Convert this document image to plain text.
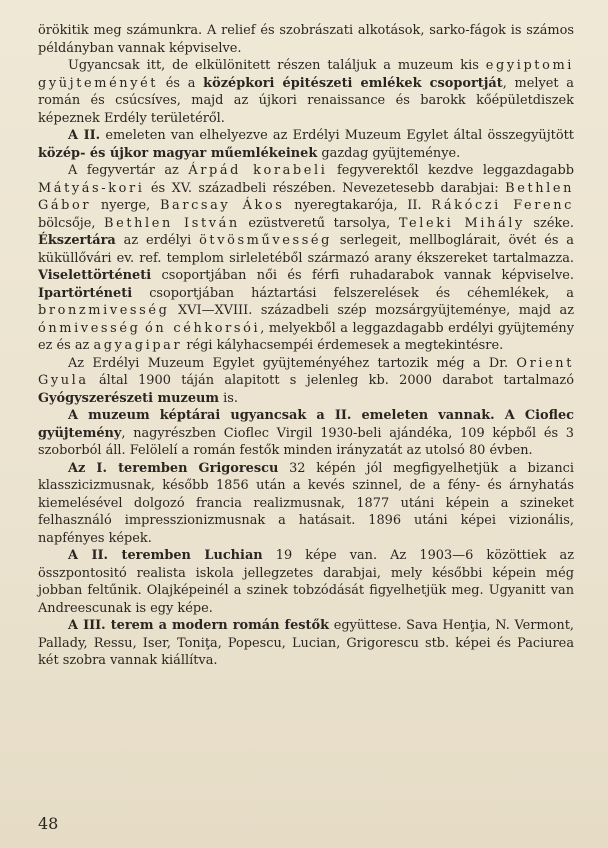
örökitik meg számunkra. A relief és szobrászati alkotások, sarko-fágok is számos példányban vannak képviselve.

Ugyancsak itt, de elkülönitett részen találjuk a muzeum kis egyiptomi gyüjteményét és a középkori épitészeti emlékek csoportját, melyet a román és csúcsíves, majd az újkori renaissance és barokk kőépületdiszek képeznek Erdély területéről.

A II. emeleten van elhelyezve az Erdélyi Muzeum Egylet által összegyüjtött közép- és újkor magyar műemlékeinek gazdag gyüjteménye.

A fegyvertár az Árpád korabeli fegyverektől kezdve leggazdagabb Mátyás-kori és XV. századbeli részében. Nevezetesebb darabjai: Bethlen Gábor nyerge, Barcsay Ákos nyeregtakarója, II. Rákóczi Ferenc bölcsője, Bethlen István ezüstveretű tarsolya, Teleki Mihály széke. Ékszertára az erdélyi ötvösművesség serlegeit, mellboglárait, övét és a küküllővári ev. ref. templom sirleletéből származó arany ékszereket tartalmazza. Viselettörténeti csoportjában női és férfi ruhadarabok vannak képviselve. Ipartörténeti csoportjában háztartási felszerelések és céhemlékek, a bronzmivesség XVI—XVIII. századbeli szép mozsárgyüjteménye, majd az ónmivesség ón céhkorsói, melyekből a leggazdagabb erdélyi gyüjtemény ez és az agyagipar régi kályhacsempéi érdemesek a megtekintésre.

Az Erdélyi Muzeum Egylet gyüjteményéhez tartozik még a Dr. Orient Gyula által 1900 táján alapitott s jelenleg kb. 2000 darabot tartalmazó Gyógyszerészeti muzeum is.

A muzeum képtárai ugyancsak a II. emeleten vannak. A Cioflec gyüjtemény, nagyrészben Cioflec Virgil 1930-beli ajándéka, 109 képből és 3 szoborból áll. Felölelí a román festők minden irányzatát az utolsó 80 évben.

Az I. teremben Grigorescu 32 képén jól megfigyelhetjük a bizanci klasszicizmusnak, később 1856 után a kevés szinnel, de a fény- és árnyhatás kiemelésével dolgozó francia realizmusnak, 1877 utáni képein a szineket felhasználó impresszionizmusnak a hatásait. 1896 utáni képei vizionális, napfényes képek.

A II. teremben Luchian 19 képe van. Az 1903—6 közöttiek az összpontositó realista iskola jellegzetes darabjai, mely későbbi képein még jobban feltűnik. Olajképeinél a szinek tobzódását figyelhetjük meg. Ugyanitt van Andreescunak is egy képe.

A III. terem a modern román festők együttese. Sava Henţia, N. Vermont, Pallady, Ressu, Iser, Toniţa, Popescu, Lucian, Grigorescu stb. képei és Paciurea két szobra vannak kiállítva.

48
